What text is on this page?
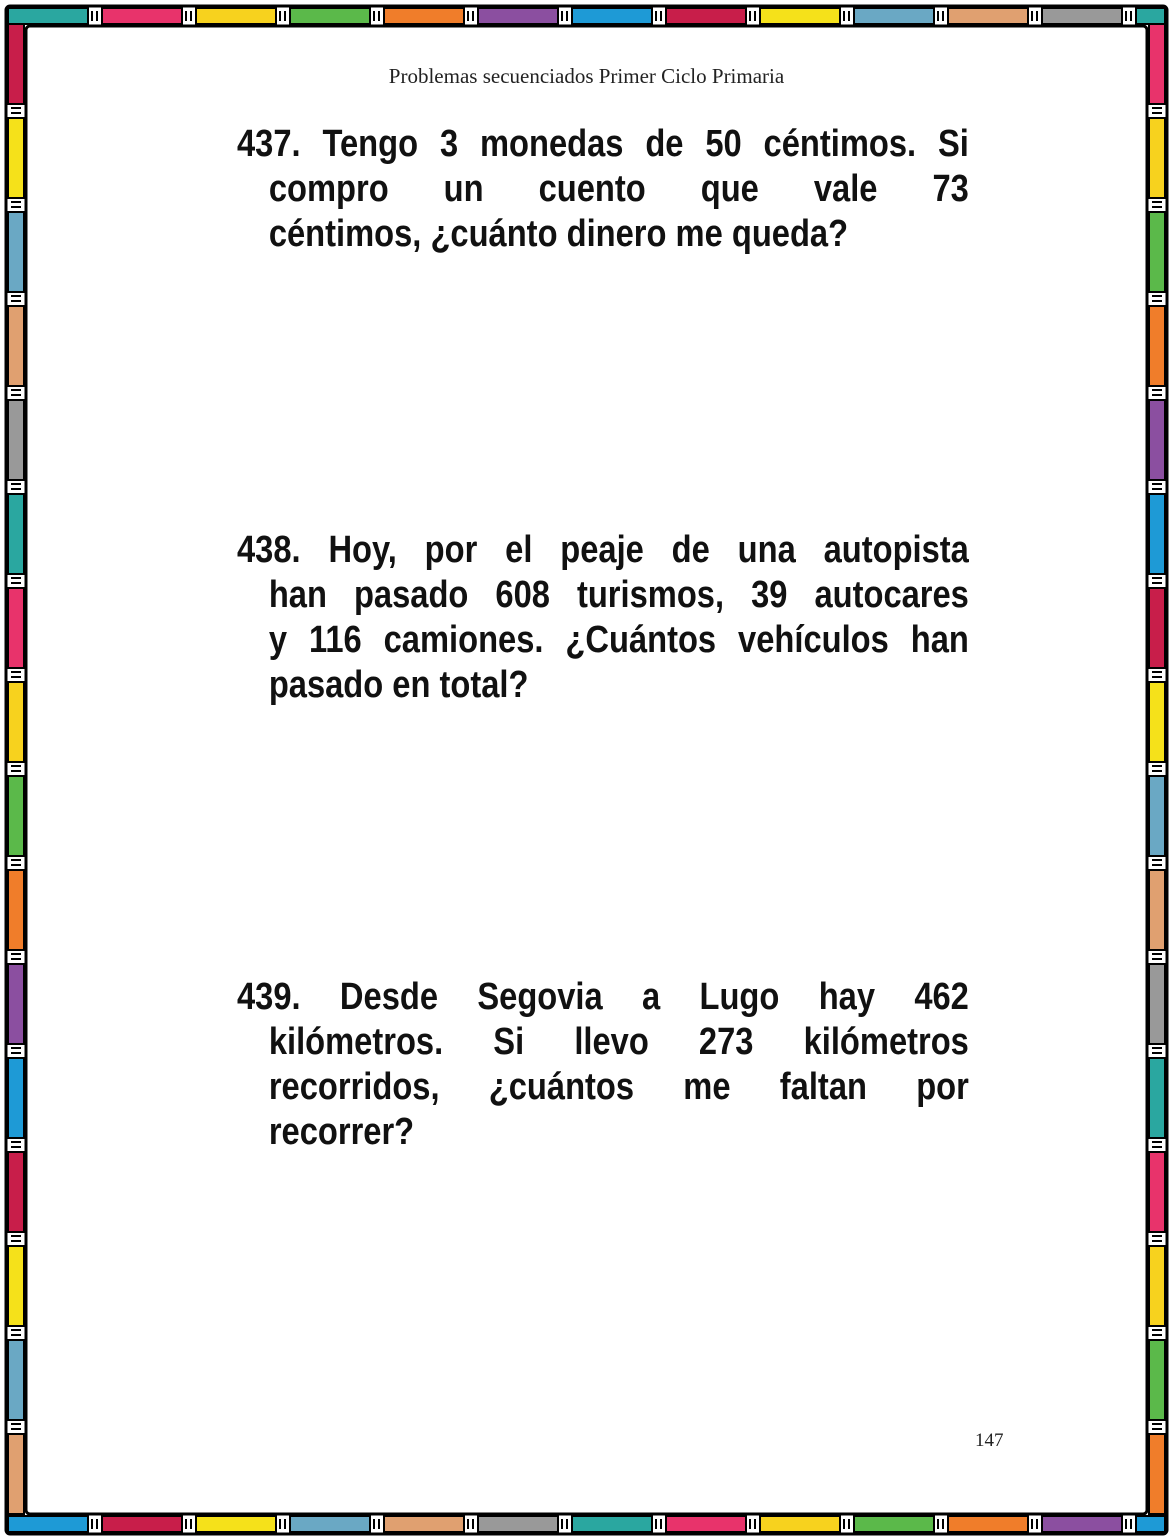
Problemas secuenciados Primer Ciclo Primaria
437. Tengo 3 monedas de 50 céntimos. Si
compro un cuento que vale 73
céntimos, ¿cuánto dinero me queda?
438. Hoy, por el peaje de una autopista
han pasado 608 turismos, 39 autocares
y 116 camiones. ¿Cuántos vehículos han
pasado en total?
439. Desde Segovia a Lugo hay 462
kilómetros. Si llevo 273 kilómetros
recorridos, ¿cuántos me faltan por
recorrer?
147
